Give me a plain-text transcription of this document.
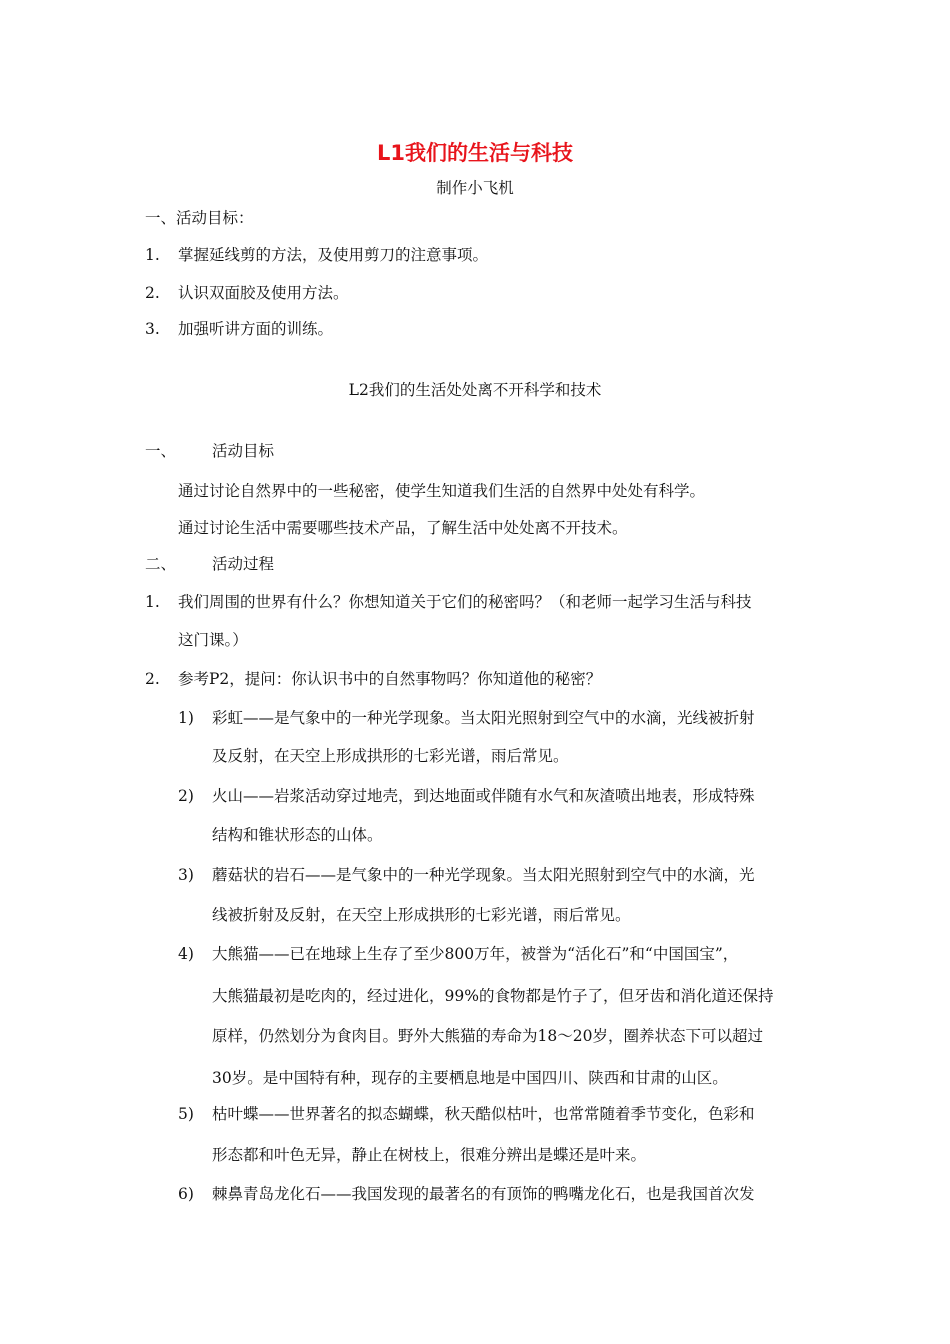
L1我们的生活与科技
制作小飞机
一、活动目标：
1. 掌握延线剪的方法，及使用剪刀的注意事项。
2. 认识双面胶及使用方法。
3. 加强听讲方面的训练。
L2我们的生活处处离不开科学和技术
一、 活动目标
通过讨论自然界中的一些秘密，使学生知道我们生活的自然界中处处有科学。
通过讨论生活中需要哪些技术产品，了解生活中处处离不开技术。
二、 活动过程
1. 我们周围的世界有什么？你想知道关于它们的秘密吗？（和老师一起学习生活与科技
这门课。）
2. 参考P2，提问：你认识书中的自然事物吗？你知道他的秘密？
1) 彩虹——是气象中的一种光学现象。当太阳光照射到空气中的水滴，光线被折射
及反射，在天空上形成拱形的七彩光谱，雨后常见。
2) 火山——岩浆活动穿过地壳，到达地面或伴随有水气和灰渣喷出地表，形成特殊
结构和锥状形态的山体。
3) 蘑菇状的岩石——是气象中的一种光学现象。当太阳光照射到空气中的水滴，光
线被折射及反射，在天空上形成拱形的七彩光谱，雨后常见。
4) 大熊猫——已在地球上生存了至少800万年，被誉为“活化石”和“中国国宝”，
大熊猫最初是吃肉的，经过进化，99%的食物都是竹子了，但牙齿和消化道还保持
原样，仍然划分为食肉目。野外大熊猫的寿命为18～20岁，圈养状态下可以超过
30岁。是中国特有种，现存的主要栖息地是中国四川、陕西和甘肃的山区。
5) 枯叶蝶——世界著名的拟态蝴蝶，秋天酷似枯叶，也常常随着季节变化，色彩和
形态都和叶色无异，静止在树枝上，很难分辨出是蝶还是叶来。
6) 棘鼻青岛龙化石——我国发现的最著名的有顶饰的鸭嘴龙化石，也是我国首次发
